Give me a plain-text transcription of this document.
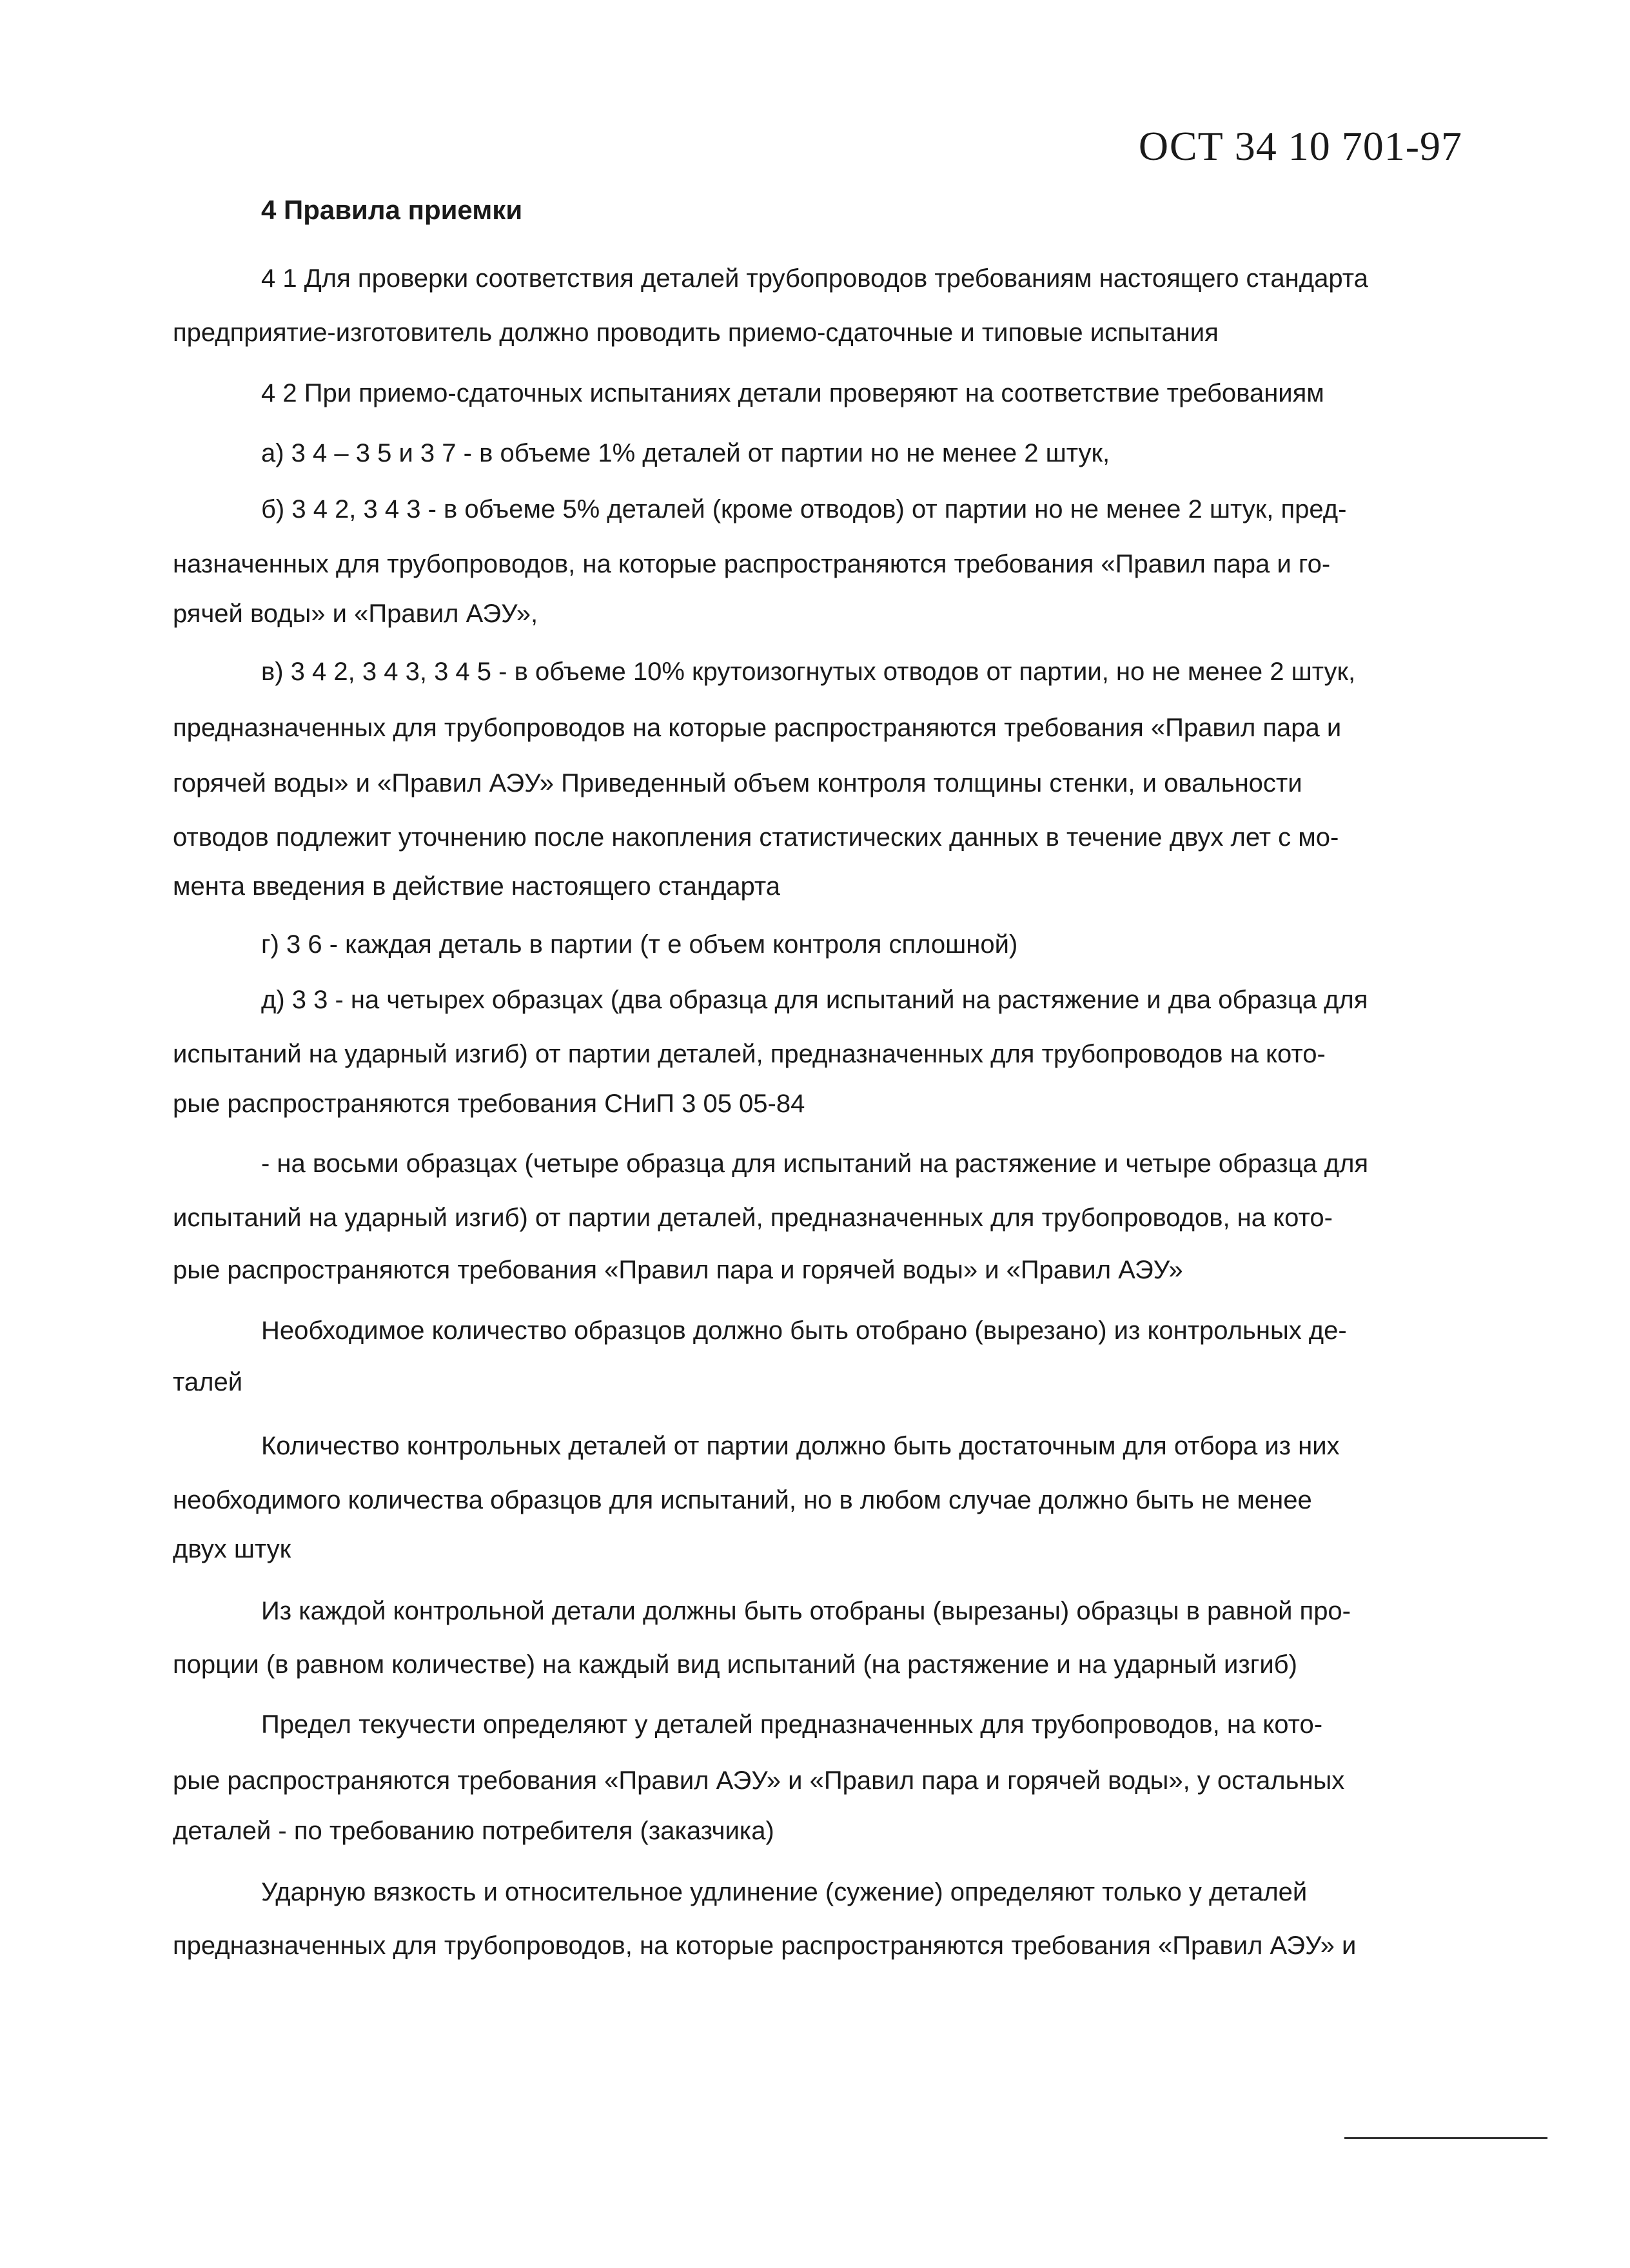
ОСТ 34 10 701-97
4 Правила приемки
4 1 Для проверки соответствия деталей трубопроводов требованиям настоящего стандарта
предприятие-изготовитель должно проводить приемо-сдаточные и типовые испытания
4 2 При приемо-сдаточных испытаниях детали проверяют на соответствие требованиям
а) 3 4 – 3 5 и 3 7 - в объеме 1% деталей от партии но не менее 2 штук,
б) 3 4 2, 3 4 3 - в объеме 5% деталей (кроме отводов) от партии но не менее 2 штук, пред-
назначенных для трубопроводов, на которые распространяются требования «Правил пара и го-
рячей воды» и «Правил АЭУ»,
в) 3 4 2, 3 4 3, 3 4 5 - в объеме 10% крутоизогнутых отводов от партии, но не менее 2 штук,
предназначенных для трубопроводов на которые распространяются требования «Правил пара и
горячей воды» и «Правил АЭУ» Приведенный объем контроля толщины стенки, и овальности
отводов подлежит уточнению после накопления статистических данных в течение двух лет с мо-
мента введения в действие настоящего стандарта
г) 3 6 - каждая деталь в партии (т е объем контроля сплошной)
д) 3 3 - на четырех образцах (два образца для испытаний на растяжение и два образца для
испытаний на ударный изгиб) от партии деталей, предназначенных для трубопроводов на кото-
рые распространяются требования СНиП 3 05 05-84
- на восьми образцах (четыре образца для испытаний на растяжение и четыре образца для
испытаний на ударный изгиб) от партии деталей, предназначенных для трубопроводов, на кото-
рые распространяются требования «Правил пара и горячей воды» и «Правил АЭУ»
Необходимое количество образцов должно быть отобрано (вырезано) из контрольных де-
талей
Количество контрольных деталей от партии должно быть достаточным для отбора из них
необходимого количества образцов для испытаний, но в любом случае должно быть не менее
двух штук
Из каждой контрольной детали должны быть отобраны (вырезаны) образцы в равной про-
порции (в равном количестве) на каждый вид испытаний (на растяжение и на ударный изгиб)
Предел текучести определяют у деталей предназначенных для трубопроводов, на кото-
рые распространяются требования «Правил АЭУ» и «Правил пара и горячей воды», у остальных
деталей - по требованию потребителя (заказчика)
Ударную вязкость и относительное удлинение (сужение) определяют только у деталей
предназначенных для трубопроводов, на которые распространяются требования «Правил АЭУ» и
